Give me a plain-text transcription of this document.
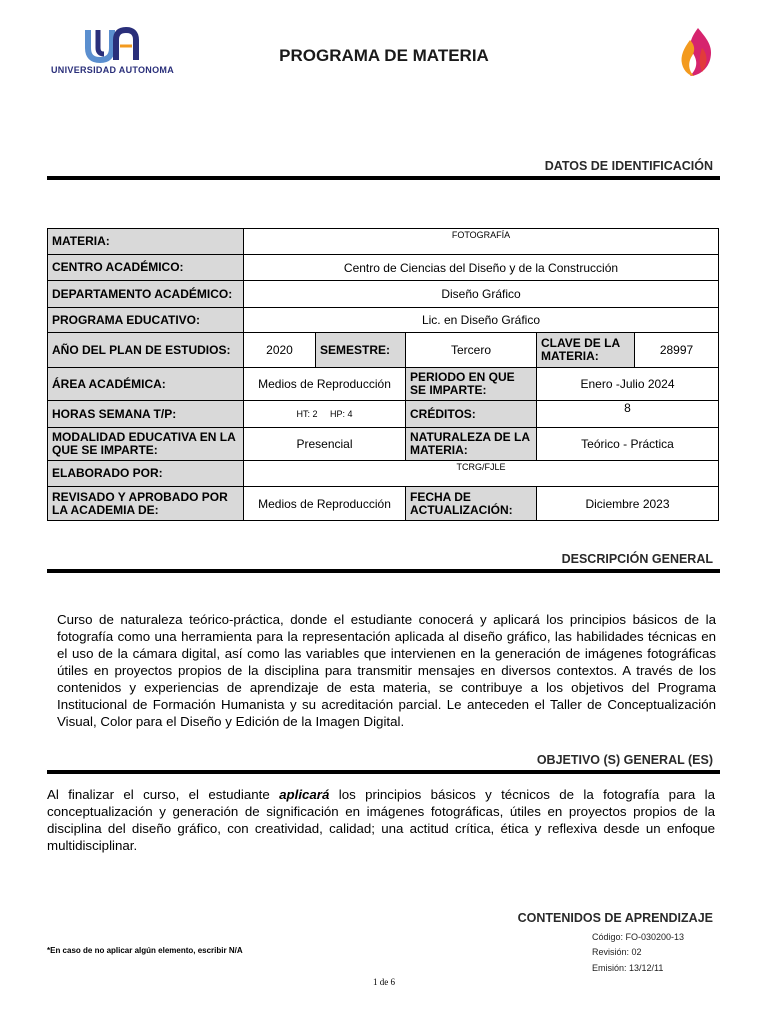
UNIVERSIDAD AUTONOMA
PROGRAMA DE MATERIA
DATOS DE IDENTIFICACIÓN
MATERIA:	FOTOGRAFÍA				
CENTRO ACADÉMICO:	Centro de Ciencias del Diseño y de la Construcción				
DEPARTAMENTO ACADÉMICO:	Diseño Gráfico				
PROGRAMA EDUCATIVO:	Lic. en Diseño Gráfico				
AÑO DEL PLAN DE ESTUDIOS:	2020	SEMESTRE:	Tercero	CLAVE DE LA MATERIA:	28997
ÁREA ACADÉMICA:	Medios de Reproducción		PERIODO EN QUE SE IMPARTE:	Enero -Julio 2024	
HORAS SEMANA T/P:	HT: 2 HP: 4		CRÉDITOS:	8	
MODALIDAD EDUCATIVA EN LA QUE SE IMPARTE:	Presencial		NATURALEZA DE LA MATERIA:	Teórico - Práctica	
ELABORADO POR:	TCRG/FJLE				
REVISADO Y APROBADO POR LA ACADEMIA DE:	Medios de Reproducción		FECHA DE ACTUALIZACIÓN:	Diciembre 2023	
DESCRIPCIÓN GENERAL
Curso de naturaleza teórico-práctica, donde el estudiante conocerá y aplicará los principios básicos de la fotografía como una herramienta para la representación aplicada al diseño gráfico, las habilidades técnicas en el uso de la cámara digital, así como las variables que intervienen en la generación de imágenes fotográficas útiles en proyectos propios de la disciplina para transmitir mensajes en diversos contextos. A través de los contenidos y experiencias de aprendizaje de esta materia, se contribuye a los objetivos del Programa Institucional de Formación Humanista y su acreditación parcial. Le anteceden el Taller de Conceptualización Visual, Color para el Diseño y Edición de la Imagen Digital.
OBJETIVO (S) GENERAL (ES)
Al finalizar el curso, el estudiante aplicará los principios básicos y técnicos de la fotografía para la conceptualización y generación de significación en imágenes fotográficas, útiles en proyectos propios de la disciplina del diseño gráfico, con creatividad, calidad; una actitud crítica, ética y reflexiva desde un enfoque multidisciplinar.
CONTENIDOS DE APRENDIZAJE
*En caso de no aplicar algún elemento, escribir N/A
Código: FO-030200-13
Revisión: 02
Emisión: 13/12/11
1 de 6
